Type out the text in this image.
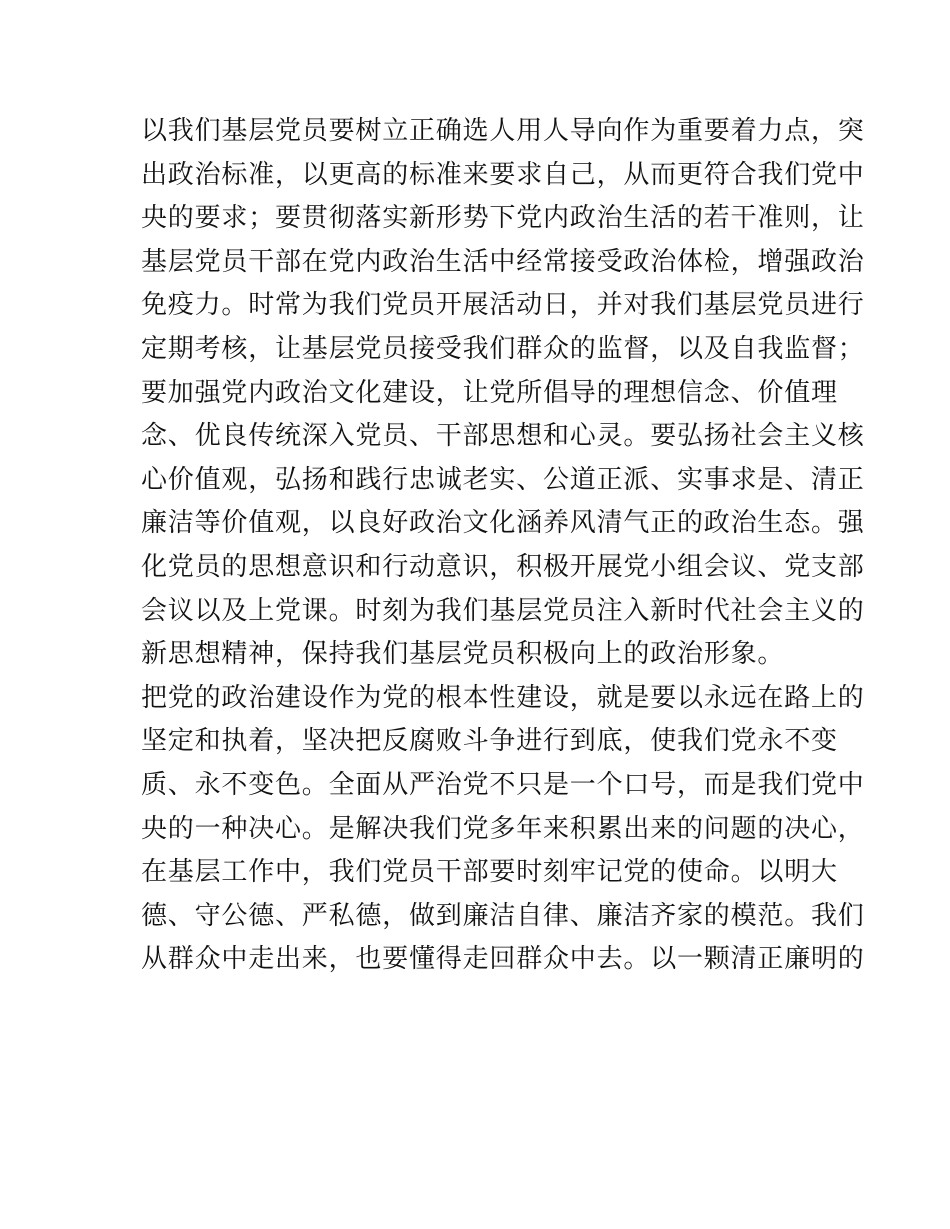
以我们基层党员要树立正确选人用人导向作为重要着力点，突
出政治标准，以更高的标准来要求自己，从而更符合我们党中
央的要求；要贯彻落实新形势下党内政治生活的若干准则，让
基层党员干部在党内政治生活中经常接受政治体检，增强政治
免疫力。时常为我们党员开展活动日，并对我们基层党员进行
定期考核，让基层党员接受我们群众的监督，以及自我监督；
要加强党内政治文化建设，让党所倡导的理想信念、价值理
念、优良传统深入党员、干部思想和心灵。要弘扬社会主义核
心价值观，弘扬和践行忠诚老实、公道正派、实事求是、清正
廉洁等价值观，以良好政治文化涵养风清气正的政治生态。强
化党员的思想意识和行动意识，积极开展党小组会议、党支部
会议以及上党课。时刻为我们基层党员注入新时代社会主义的
新思想精神，保持我们基层党员积极向上的政治形象。
把党的政治建设作为党的根本性建设，就是要以永远在路上的
坚定和执着，坚决把反腐败斗争进行到底，使我们党永不变
质、永不变色。全面从严治党不只是一个口号，而是我们党中
央的一种决心。是解决我们党多年来积累出来的问题的决心，
在基层工作中，我们党员干部要时刻牢记党的使命。以明大
德、守公德、严私德，做到廉洁自律、廉洁齐家的模范。我们
从群众中走出来，也要懂得走回群众中去。以一颗清正廉明的
